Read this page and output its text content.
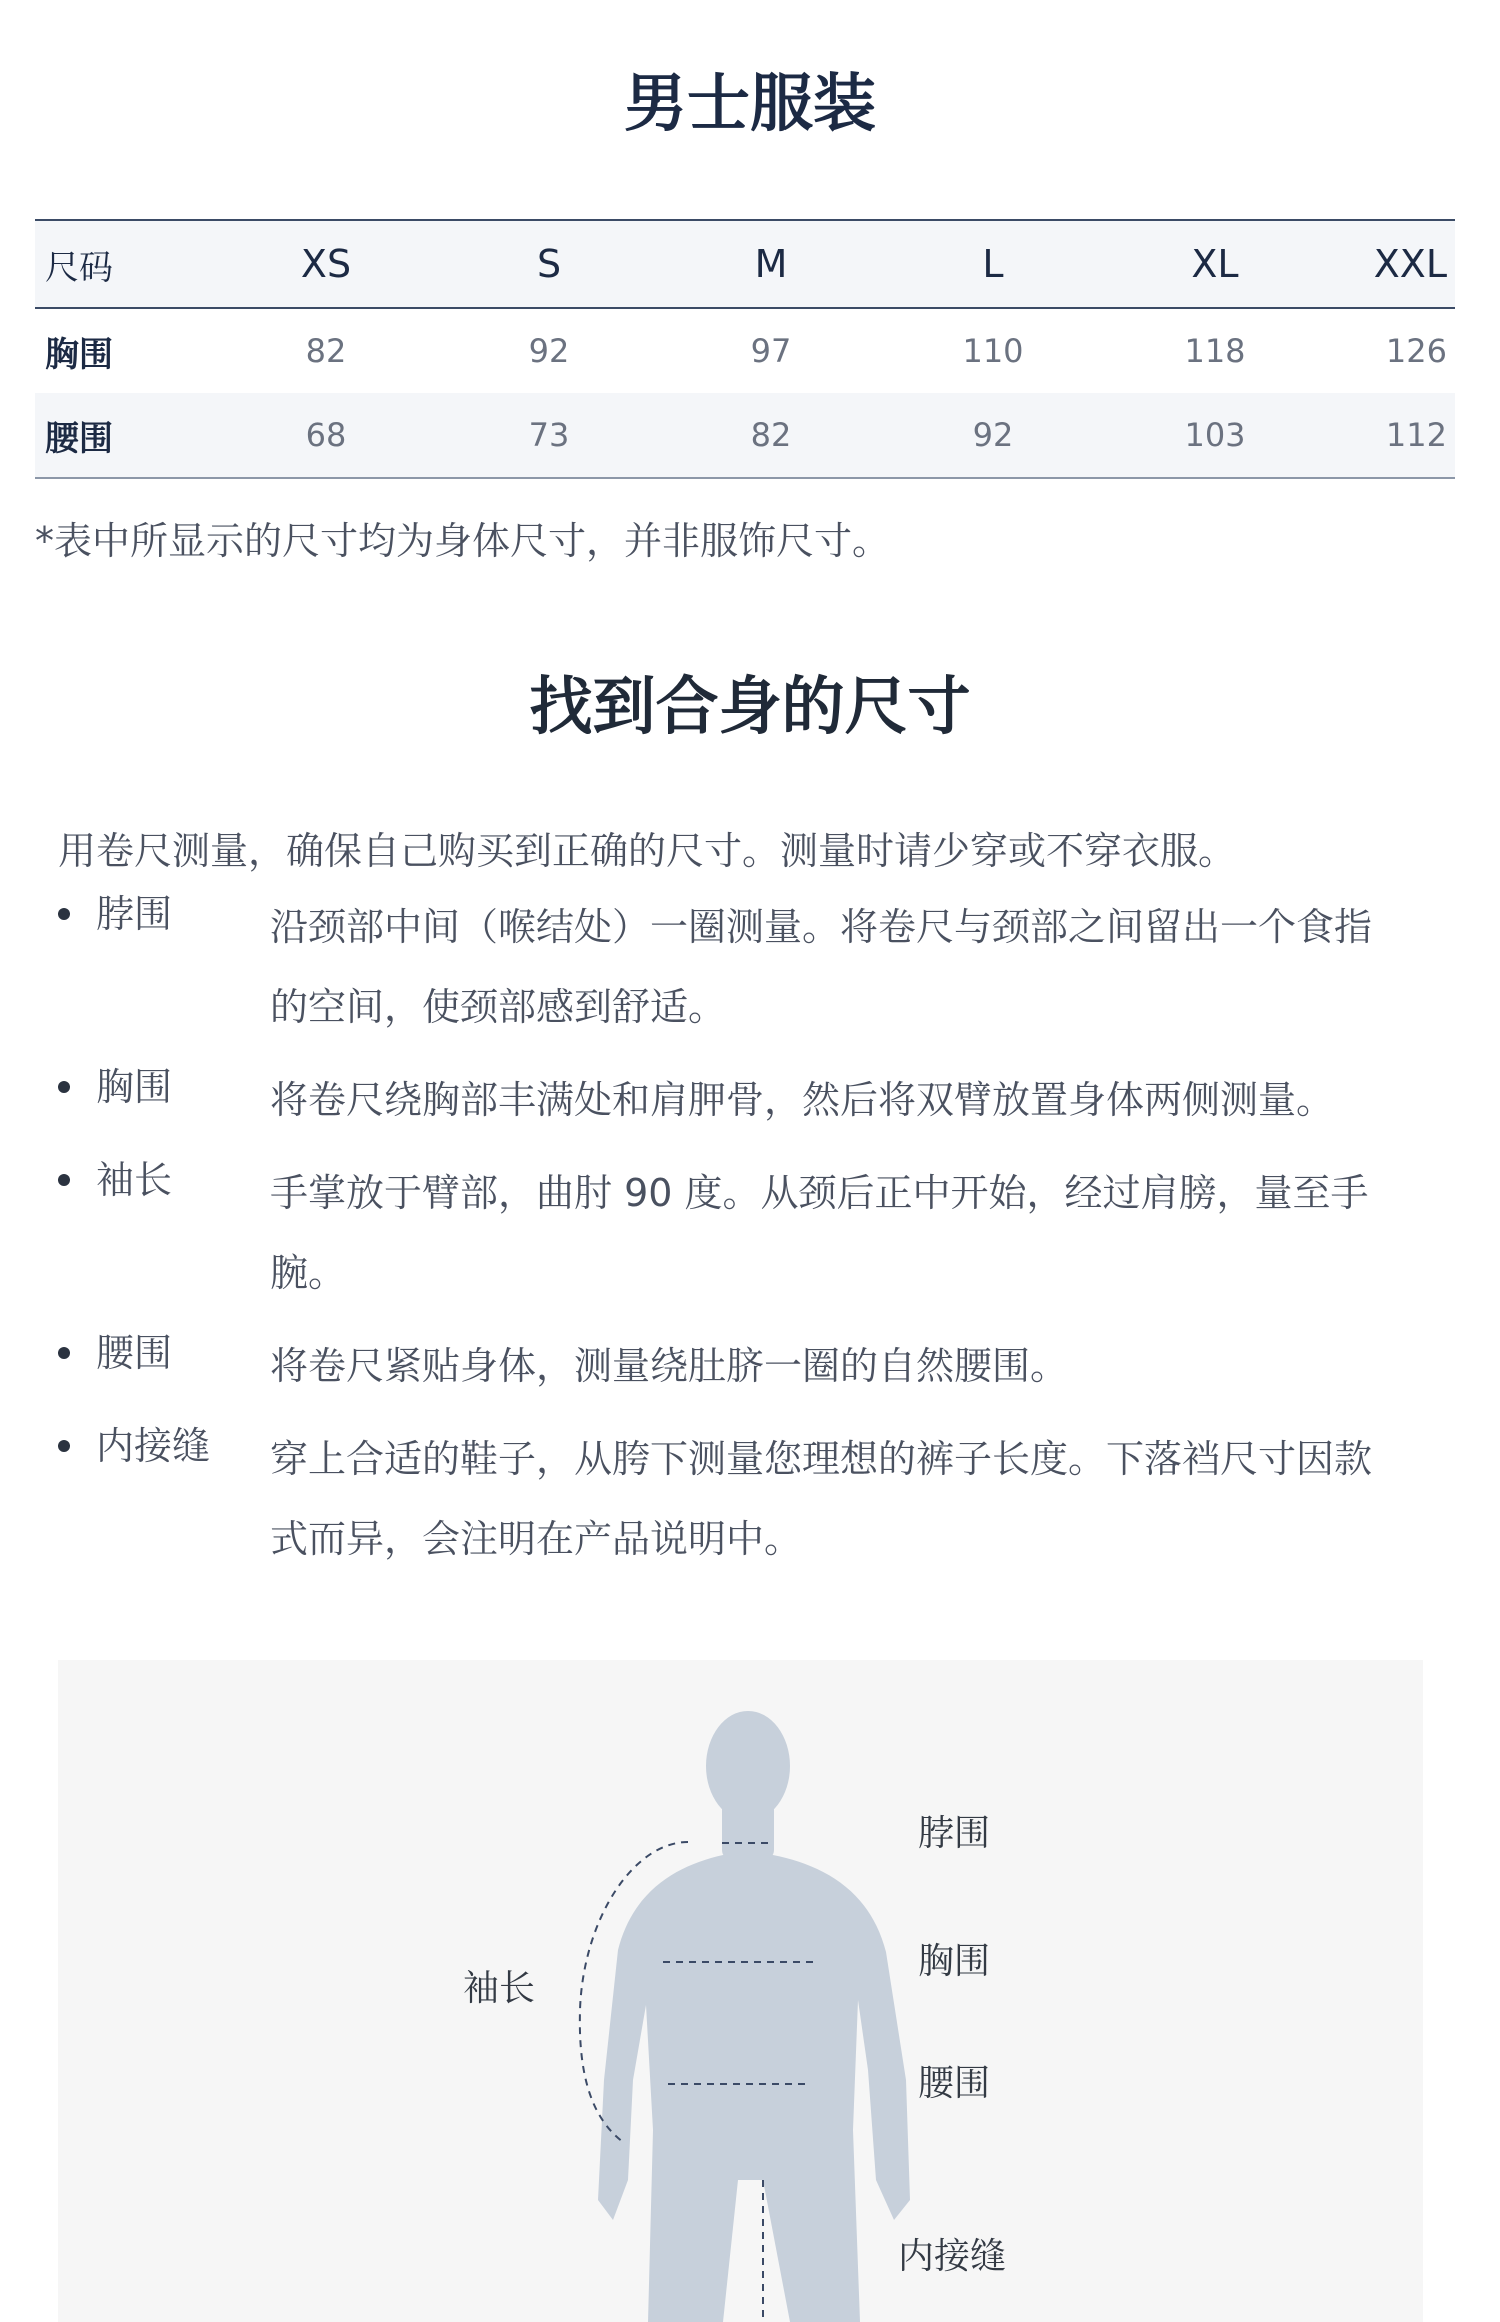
男士服装
尺码	XS	S	M	L	XL	XXL
胸围	82	92	97	110	118	126
腰围	68	73	82	92	103	112
*表中所显示的尺寸均为身体尺寸，并非服饰尺寸。
找到合身的尺寸
用卷尺测量，确保自己购买到正确的尺寸。测量时请少穿或不穿衣服。
脖围	沿颈部中间（喉结处）一圈测量。将卷尺与颈部之间留出一个食指的空间，使颈部感到舒适。
胸围	将卷尺绕胸部丰满处和肩胛骨，然后将双臂放置身体两侧测量。
袖长	手掌放于臂部，曲肘 90 度。从颈后正中开始，经过肩膀，量至手腕。
腰围	将卷尺紧贴身体，测量绕肚脐一圈的自然腰围。
内接缝 穿上合适的鞋子，从胯下测量您理想的裤子长度。下落裆尺寸因款式而异，会注明在产品说明中。
脖围
胸围
腰围
内接缝
袖长
